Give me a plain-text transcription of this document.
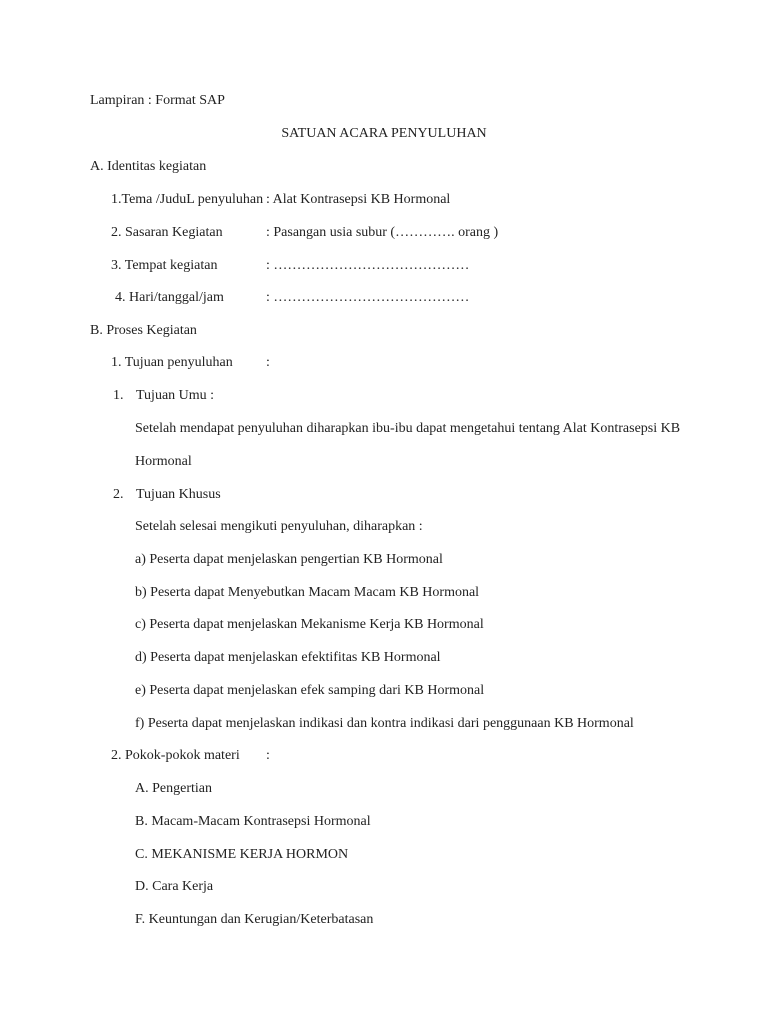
Lampiran : Format SAP
SATUAN ACARA PENYULUHAN
A. Identitas kegiatan
1.Tema /JuduL penyuluhan : Alat Kontrasepsi KB Hormonal
2. Sasaran Kegiatan	: Pasangan usia subur (…………. orang )
3. Tempat kegiatan	: ……………………………………
4. Hari/tanggal/jam	: ……………………………………
B. Proses Kegiatan
1. Tujuan penyuluhan :
1. Tujuan Umu :
Setelah mendapat penyuluhan diharapkan ibu-ibu dapat mengetahui tentang Alat Kontrasepsi KB
Hormonal
2. Tujuan Khusus
Setelah selesai mengikuti penyuluhan, diharapkan :
a) Peserta dapat menjelaskan pengertian KB Hormonal
b) Peserta dapat Menyebutkan Macam Macam KB Hormonal
c) Peserta dapat menjelaskan Mekanisme Kerja KB Hormonal
d) Peserta dapat menjelaskan efektifitas KB Hormonal
e) Peserta dapat menjelaskan efek samping dari KB Hormonal
f) Peserta dapat menjelaskan indikasi dan kontra indikasi dari penggunaan KB Hormonal
2. Pokok-pokok materi :
A. Pengertian
B. Macam-Macam Kontrasepsi Hormonal
C. MEKANISME KERJA HORMON
D. Cara Kerja
F. Keuntungan dan Kerugian/Keterbatasan
